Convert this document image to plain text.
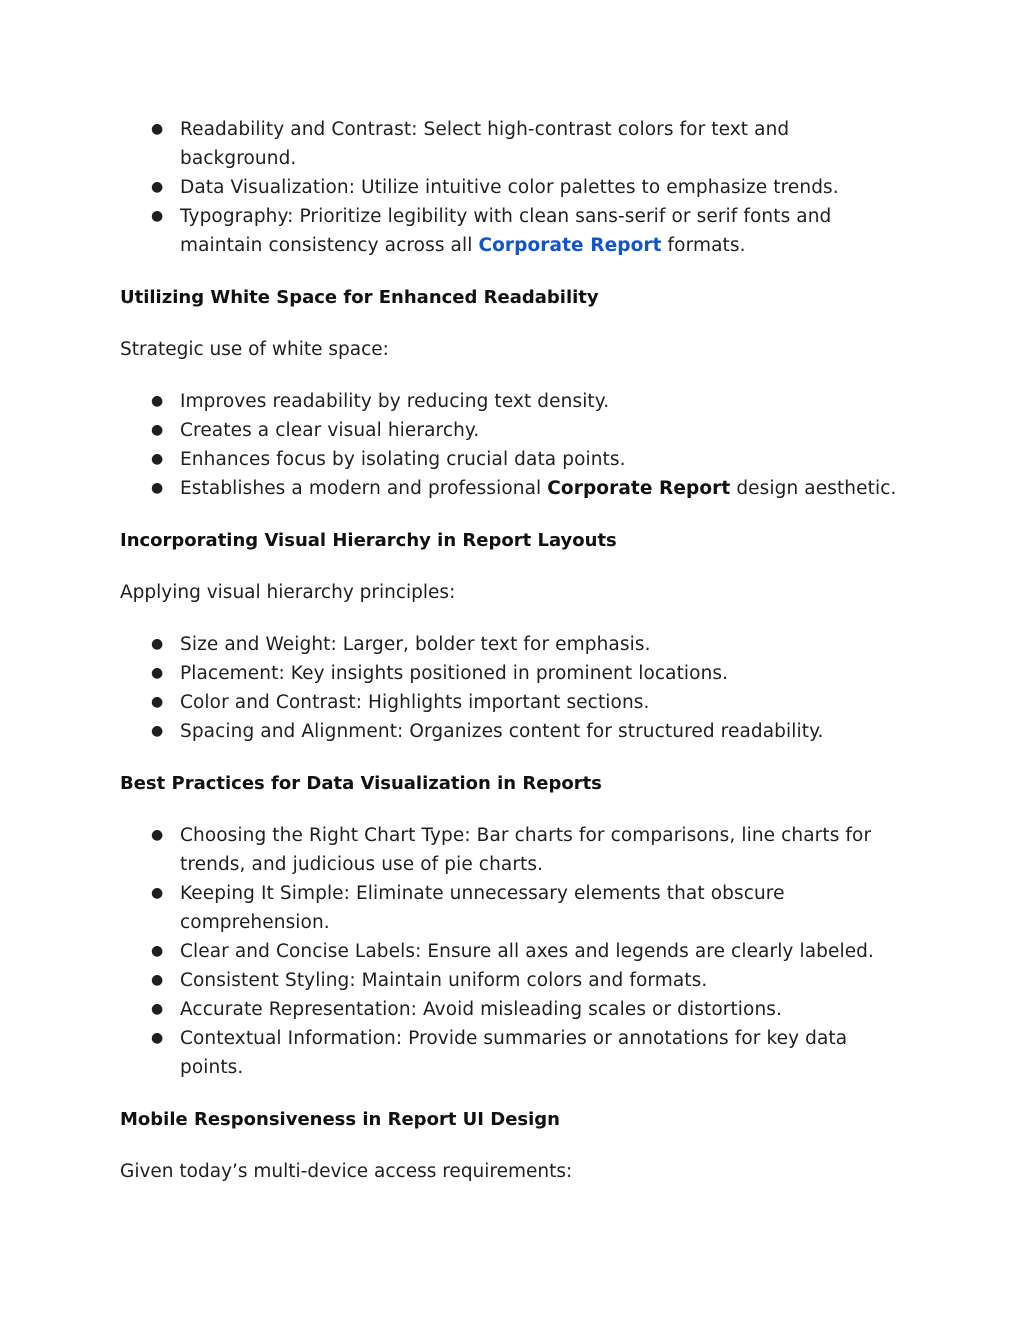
● Readability and Contrast: Select high-contrast colors for text and background.
● Data Visualization: Utilize intuitive color palettes to emphasize trends.
● Typography: Prioritize legibility with clean sans-serif or serif fonts and maintain consistency across all Corporate Report formats.
Utilizing White Space for Enhanced Readability

Strategic use of white space:

● Improves readability by reducing text density.
● Creates a clear visual hierarchy.
● Enhances focus by isolating crucial data points.
● Establishes a modern and professional Corporate Report design aesthetic.
Incorporating Visual Hierarchy in Report Layouts

Applying visual hierarchy principles:

● Size and Weight: Larger, bolder text for emphasis.
● Placement: Key insights positioned in prominent locations.
● Color and Contrast: Highlights important sections.
● Spacing and Alignment: Organizes content for structured readability.
Best Practices for Data Visualization in Reports
● Choosing the Right Chart Type: Bar charts for comparisons, line charts for trends, and judicious use of pie charts.
● Keeping It Simple: Eliminate unnecessary elements that obscure comprehension.
● Clear and Concise Labels: Ensure all axes and legends are clearly labeled.
● Consistent Styling: Maintain uniform colors and formats.
● Accurate Representation: Avoid misleading scales or distortions.
● Contextual Information: Provide summaries or annotations for key data points.
Mobile Responsiveness in Report UI Design

Given today’s multi-device access requirements:
